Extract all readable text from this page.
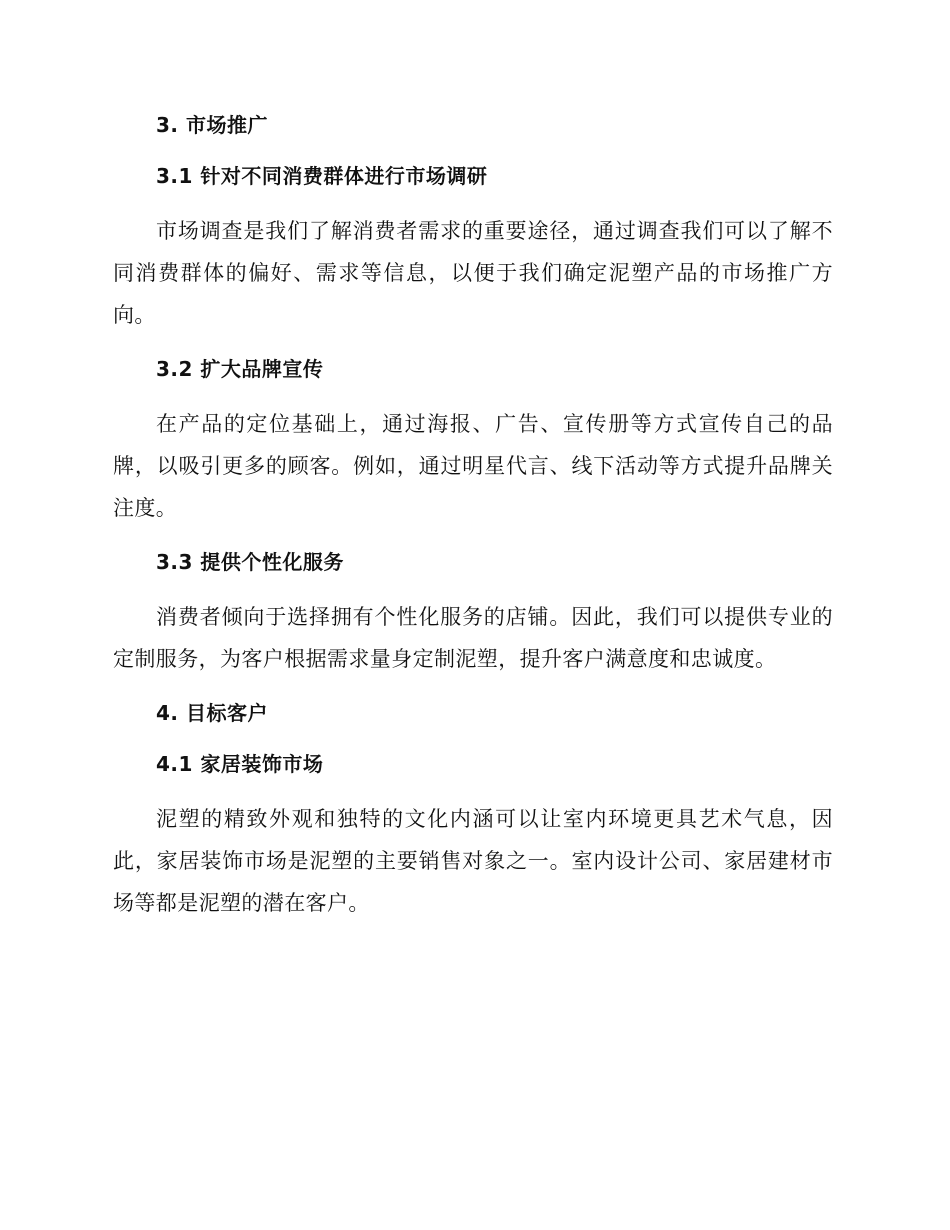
3. 市场推广
3.1 针对不同消费群体进行市场调研

市场调查是我们了解消费者需求的重要途径，通过调查我们可以了解不同消费群体的偏好、需求等信息，以便于我们确定泥塑产品的市场推广方向。

3.2 扩大品牌宣传

在产品的定位基础上，通过海报、广告、宣传册等方式宣传自己的品牌，以吸引更多的顾客。例如，通过明星代言、线下活动等方式提升品牌关注度。

3.3 提供个性化服务

消费者倾向于选择拥有个性化服务的店铺。因此，我们可以提供专业的定制服务，为客户根据需求量身定制泥塑，提升客户满意度和忠诚度。

4. 目标客户
4.1 家居装饰市场

泥塑的精致外观和独特的文化内涵可以让室内环境更具艺术气息，因此，家居装饰市场是泥塑的主要销售对象之一。室内设计公司、家居建材市场等都是泥塑的潜在客户。
